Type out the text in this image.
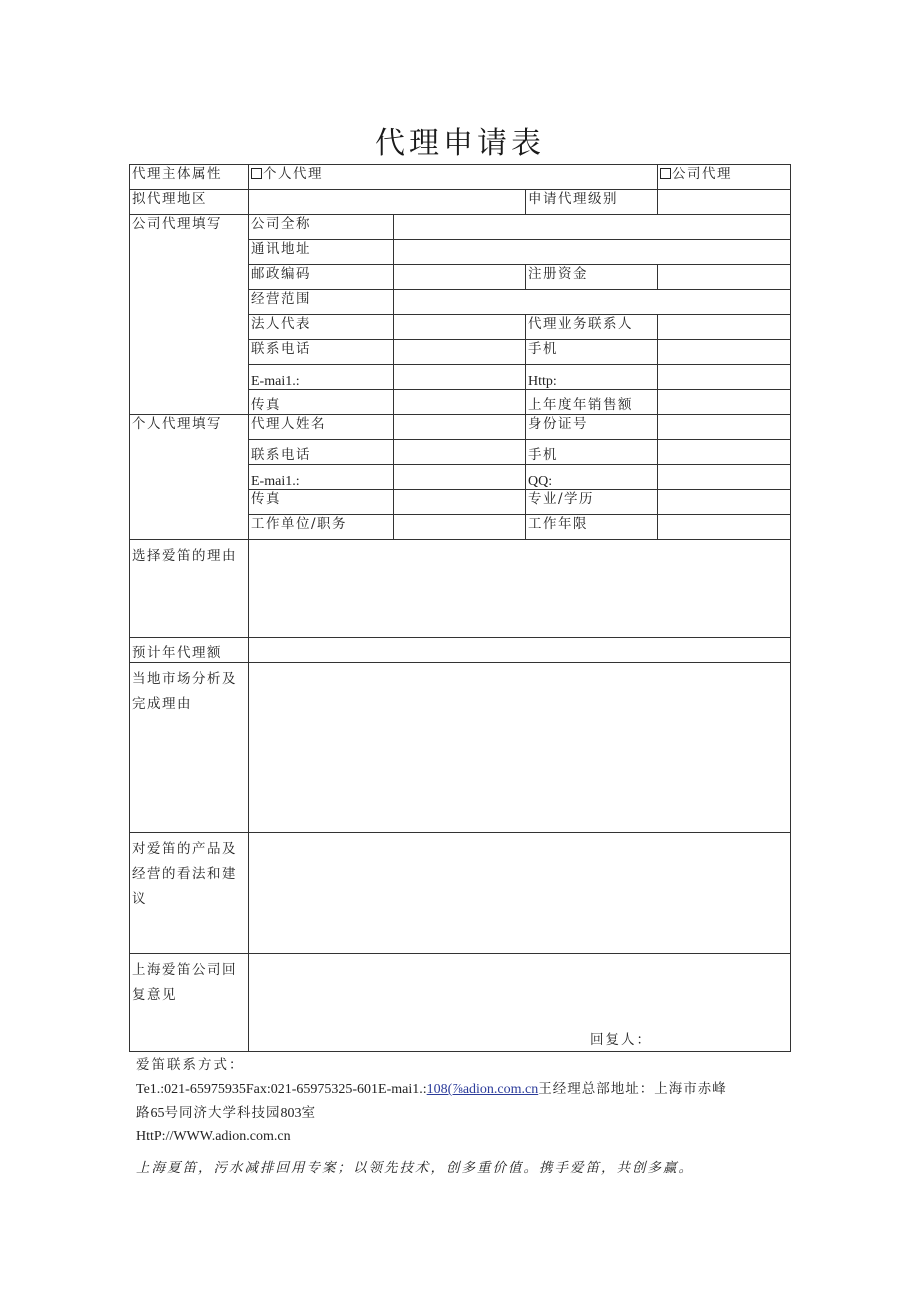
代理申请表
代理主体属性	个人代理			公司代理
拟代理地区			申请代理级别	
公司代理填写	公司全称			
	通讯地址			
	邮政编码		注册资金	
	经营范围			
	法人代表		代理业务联系人	
	联系电话		手机	
	E-mai1.:		Http:	
	传真		上年度年销售额	
个人代理填写	代理人姓名		身份证号	
	联系电话		手机	
	E-mai1.:		QQ:	
	传真		专业/学历	
	工作单位/职务		工作年限	
选择爱笛的理由				
预计年代理额				
当地市场分析及完成理由				
对爱笛的产品及经营的看法和建议				
上海爱笛公司回复意见	回复人：			
爱笛联系方式：
Te1.:021-65975935Fax:021-65975325-601E-mai1.:108(⅞adion.com.cn王经理总部地址：上海市赤峰
路65号同济大学科技园803室
HttP://WWW.adion.com.cn
上海夏笛，污水减排回用专案；以领先技术，创多重价值。携手爱笛，共创多赢。
